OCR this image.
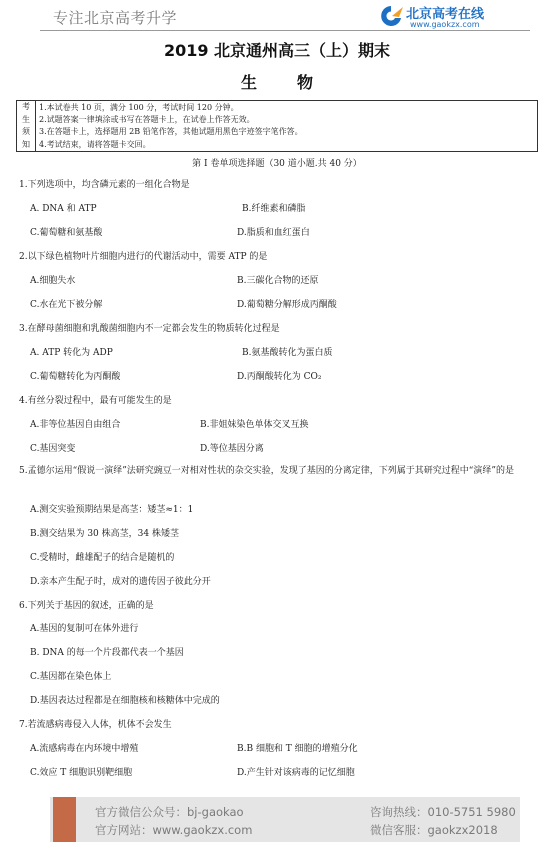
专注北京高考升学	北京高考在线
www.gaokzx.com
2019 北京通州高三（上）期末
生物
考
生
须
知
1.本试卷共 10 页，满分 100 分，考试时间 120 分钟。
2.试题答案一律填涂或书写在答题卡上，在试卷上作答无效。
3.在答题卡上，选择题用 2B 铅笔作答，其他试题用黑色字迹签字笔作答。
4.考试结束，请将答题卡交回。
第 I 卷单项选择题（30 道小题.共 40 分）
1.下列选项中，均含磷元素的一组化合物是
A. DNA 和 ATP	B.纤维素和磷脂
C.葡萄糖和氨基酸	D.脂质和血红蛋白
2.以下绿色植物叶片细胞内进行的代谢活动中，需要 ATP 的是
A.细胞失水	B.三碳化合物的还原
C.水在光下被分解	D.葡萄糖分解形成丙酮酸
3.在酵母菌细胞和乳酸菌细胞内不一定都会发生的物质转化过程是
A. ATP 转化为 ADP	B.氨基酸转化为蛋白质
C.葡萄糖转化为丙酮酸	D.丙酮酸转化为 CO₂
4.有丝分裂过程中，最有可能发生的是
A.非等位基因自由组合	B.非姐妹染色单体交叉互换
C.基因突变	D.等位基因分离
5.孟德尔运用“假说一演绎”法研究豌豆一对相对性状的杂交实验，发现了基因的分离定律，下列属于其研究过程中“演绎”的是
A.测交实验预期结果是高茎：矮茎≈1：1
B.测交结果为 30 株高茎，34 株矮茎
C.受精时，雌雄配子的结合是随机的
D.亲本产生配子时，成对的遗传因子彼此分开
6.下列关于基因的叙述，正确的是
A.基因的复制可在体外进行
B. DNA 的每一个片段都代表一个基因
C.基因都在染色体上
D.基因表达过程都是在细胞核和核糖体中完成的
7.若流感病毒侵入人体，机体不会发生
A.流感病毒在内环境中增殖	B.B 细胞和 T 细胞的增殖分化
C.效应 T 细胞识别靶细胞	D.产生针对该病毒的记忆细胞
官方微信公众号：bj-gaokao
官方网站：www.gaokzx.com
咨询热线：010-5751 5980
微信客服：gaokzx2018
